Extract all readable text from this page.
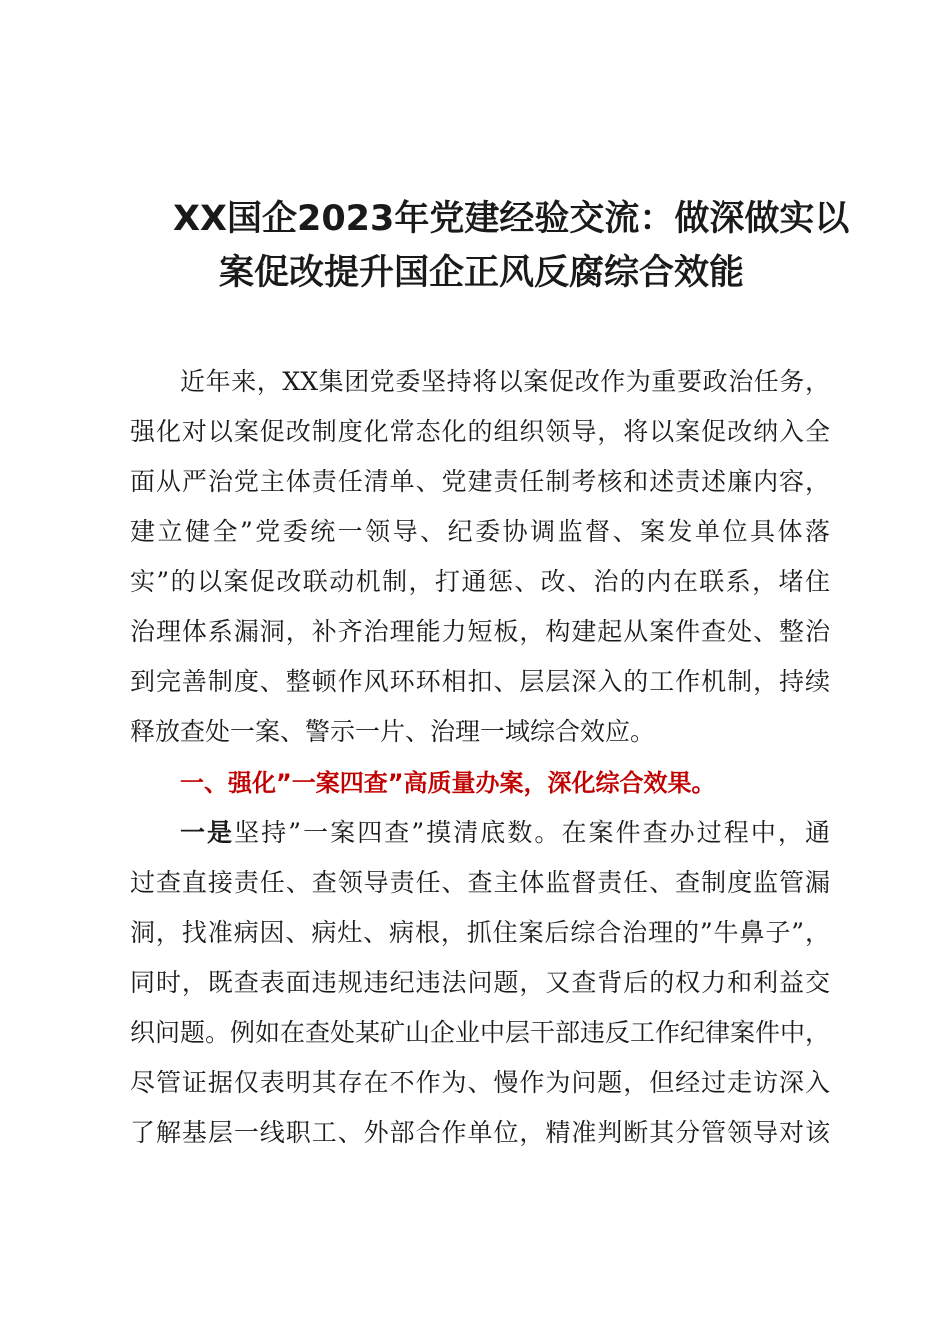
XX国企2023年党建经验交流：做深做实以
案促改提升国企正风反腐综合效能
近年来，XX集团党委坚持将以案促改作为重要政治任务，
强化对以案促改制度化常态化的组织领导，将以案促改纳入全
面从严治党主体责任清单、党建责任制考核和述责述廉内容，
建立健全”党委统一领导、纪委协调监督、案发单位具体落
实”的以案促改联动机制，打通惩、改、治的内在联系，堵住
治理体系漏洞，补齐治理能力短板，构建起从案件查处、整治
到完善制度、整顿作风环环相扣、层层深入的工作机制，持续
释放查处一案、警示一片、治理一域综合效应。
一、强化”一案四查”高质量办案，深化综合效果。
一是坚持”一案四查”摸清底数。在案件查办过程中，通
过查直接责任、查领导责任、查主体监督责任、查制度监管漏
洞，找准病因、病灶、病根，抓住案后综合治理的”牛鼻子”，
同时，既查表面违规违纪违法问题，又查背后的权力和利益交
织问题。例如在查处某矿山企业中层干部违反工作纪律案件中，
尽管证据仅表明其存在不作为、慢作为问题，但经过走访深入
了解基层一线职工、外部合作单位，精准判断其分管领导对该
